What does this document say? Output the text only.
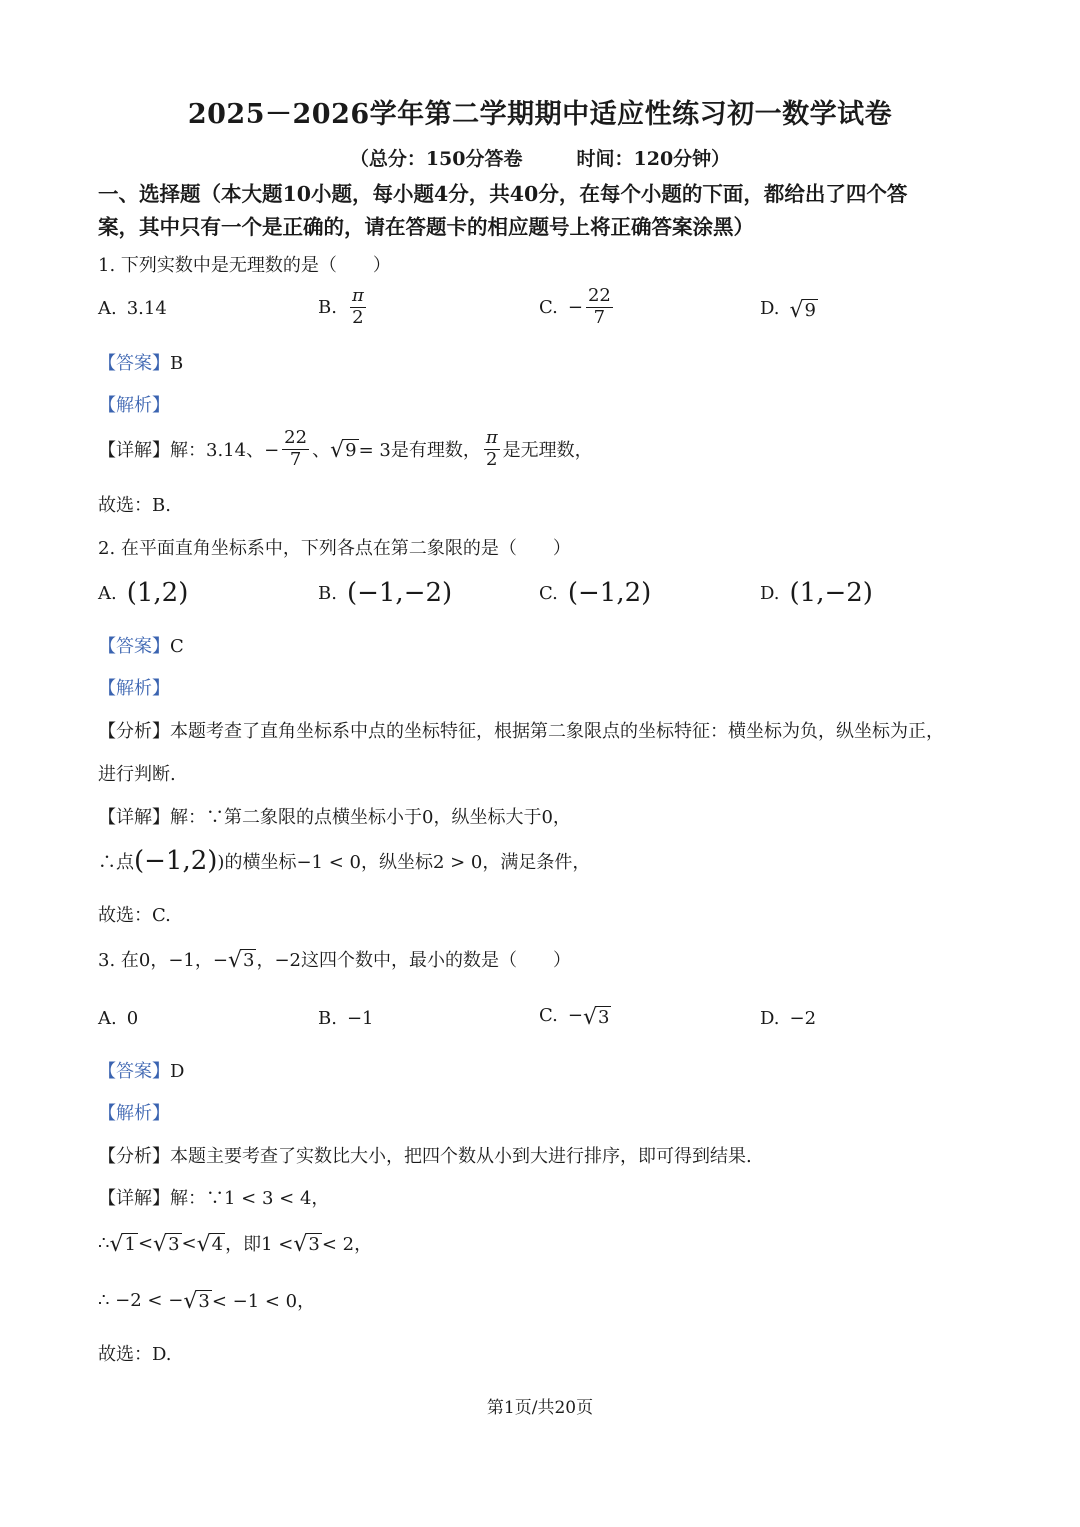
2025－2026学年第二学期期中适应性练习初一数学试卷
（总分：150分答卷	时间：120分钟）
一、选择题（本大题10小题，每小题4分，共40分，在每个小题的下面，都给出了四个答
案，其中只有一个是正确的，请在答题卡的相应题号上将正确答案涂黑）
1. 下列实数中是无理数的是（　　）
A. 3.14	B. $\frac{\pi}{2}$	C. − $\frac{22}{7}$	D. √ 9
【答案】B
【解析】
【详解】 解：3.14、− $\frac{22}{7}$ 、 √ 9 = 3是有理数， $\frac{\pi}{2}$ 是无理数，
故选：B.
2. 在平面直角坐标系中，下列各点在第二象限的是（　　）
A. (1,2)	B. (−1,−2)	C. (−1,2)	D. (1,−2)
【答案】C
【解析】
【分析】本题考查了直角坐标系中点的坐标特征，根据第二象限点的坐标特征：横坐标为负，纵坐标为正，
进行判断.
【详解】解：∵第二象限的点横坐标小于0，纵坐标大于0，
∴点 (−1,2) )的横坐标−1 < 0，纵坐标2 > 0，满足条件，
故选：C.
3. 在0，−1，− √ 3 ，−2这四个数中，最小的数是（　　）
A. 0	B. −1	C. − √ 3	D. −2
【答案】D
【解析】
【分析】本题主要考查了实数比大小，把四个数从小到大进行排序，即可得到结果.
【详解】解：∵1 < 3 < 4，
∴ √ 1 < √ 3 < √ 4 ，即1 < √ 3 < 2，
∴ −2 < − √ 3 < −1 < 0，
故选：D.
第1页/共20页
